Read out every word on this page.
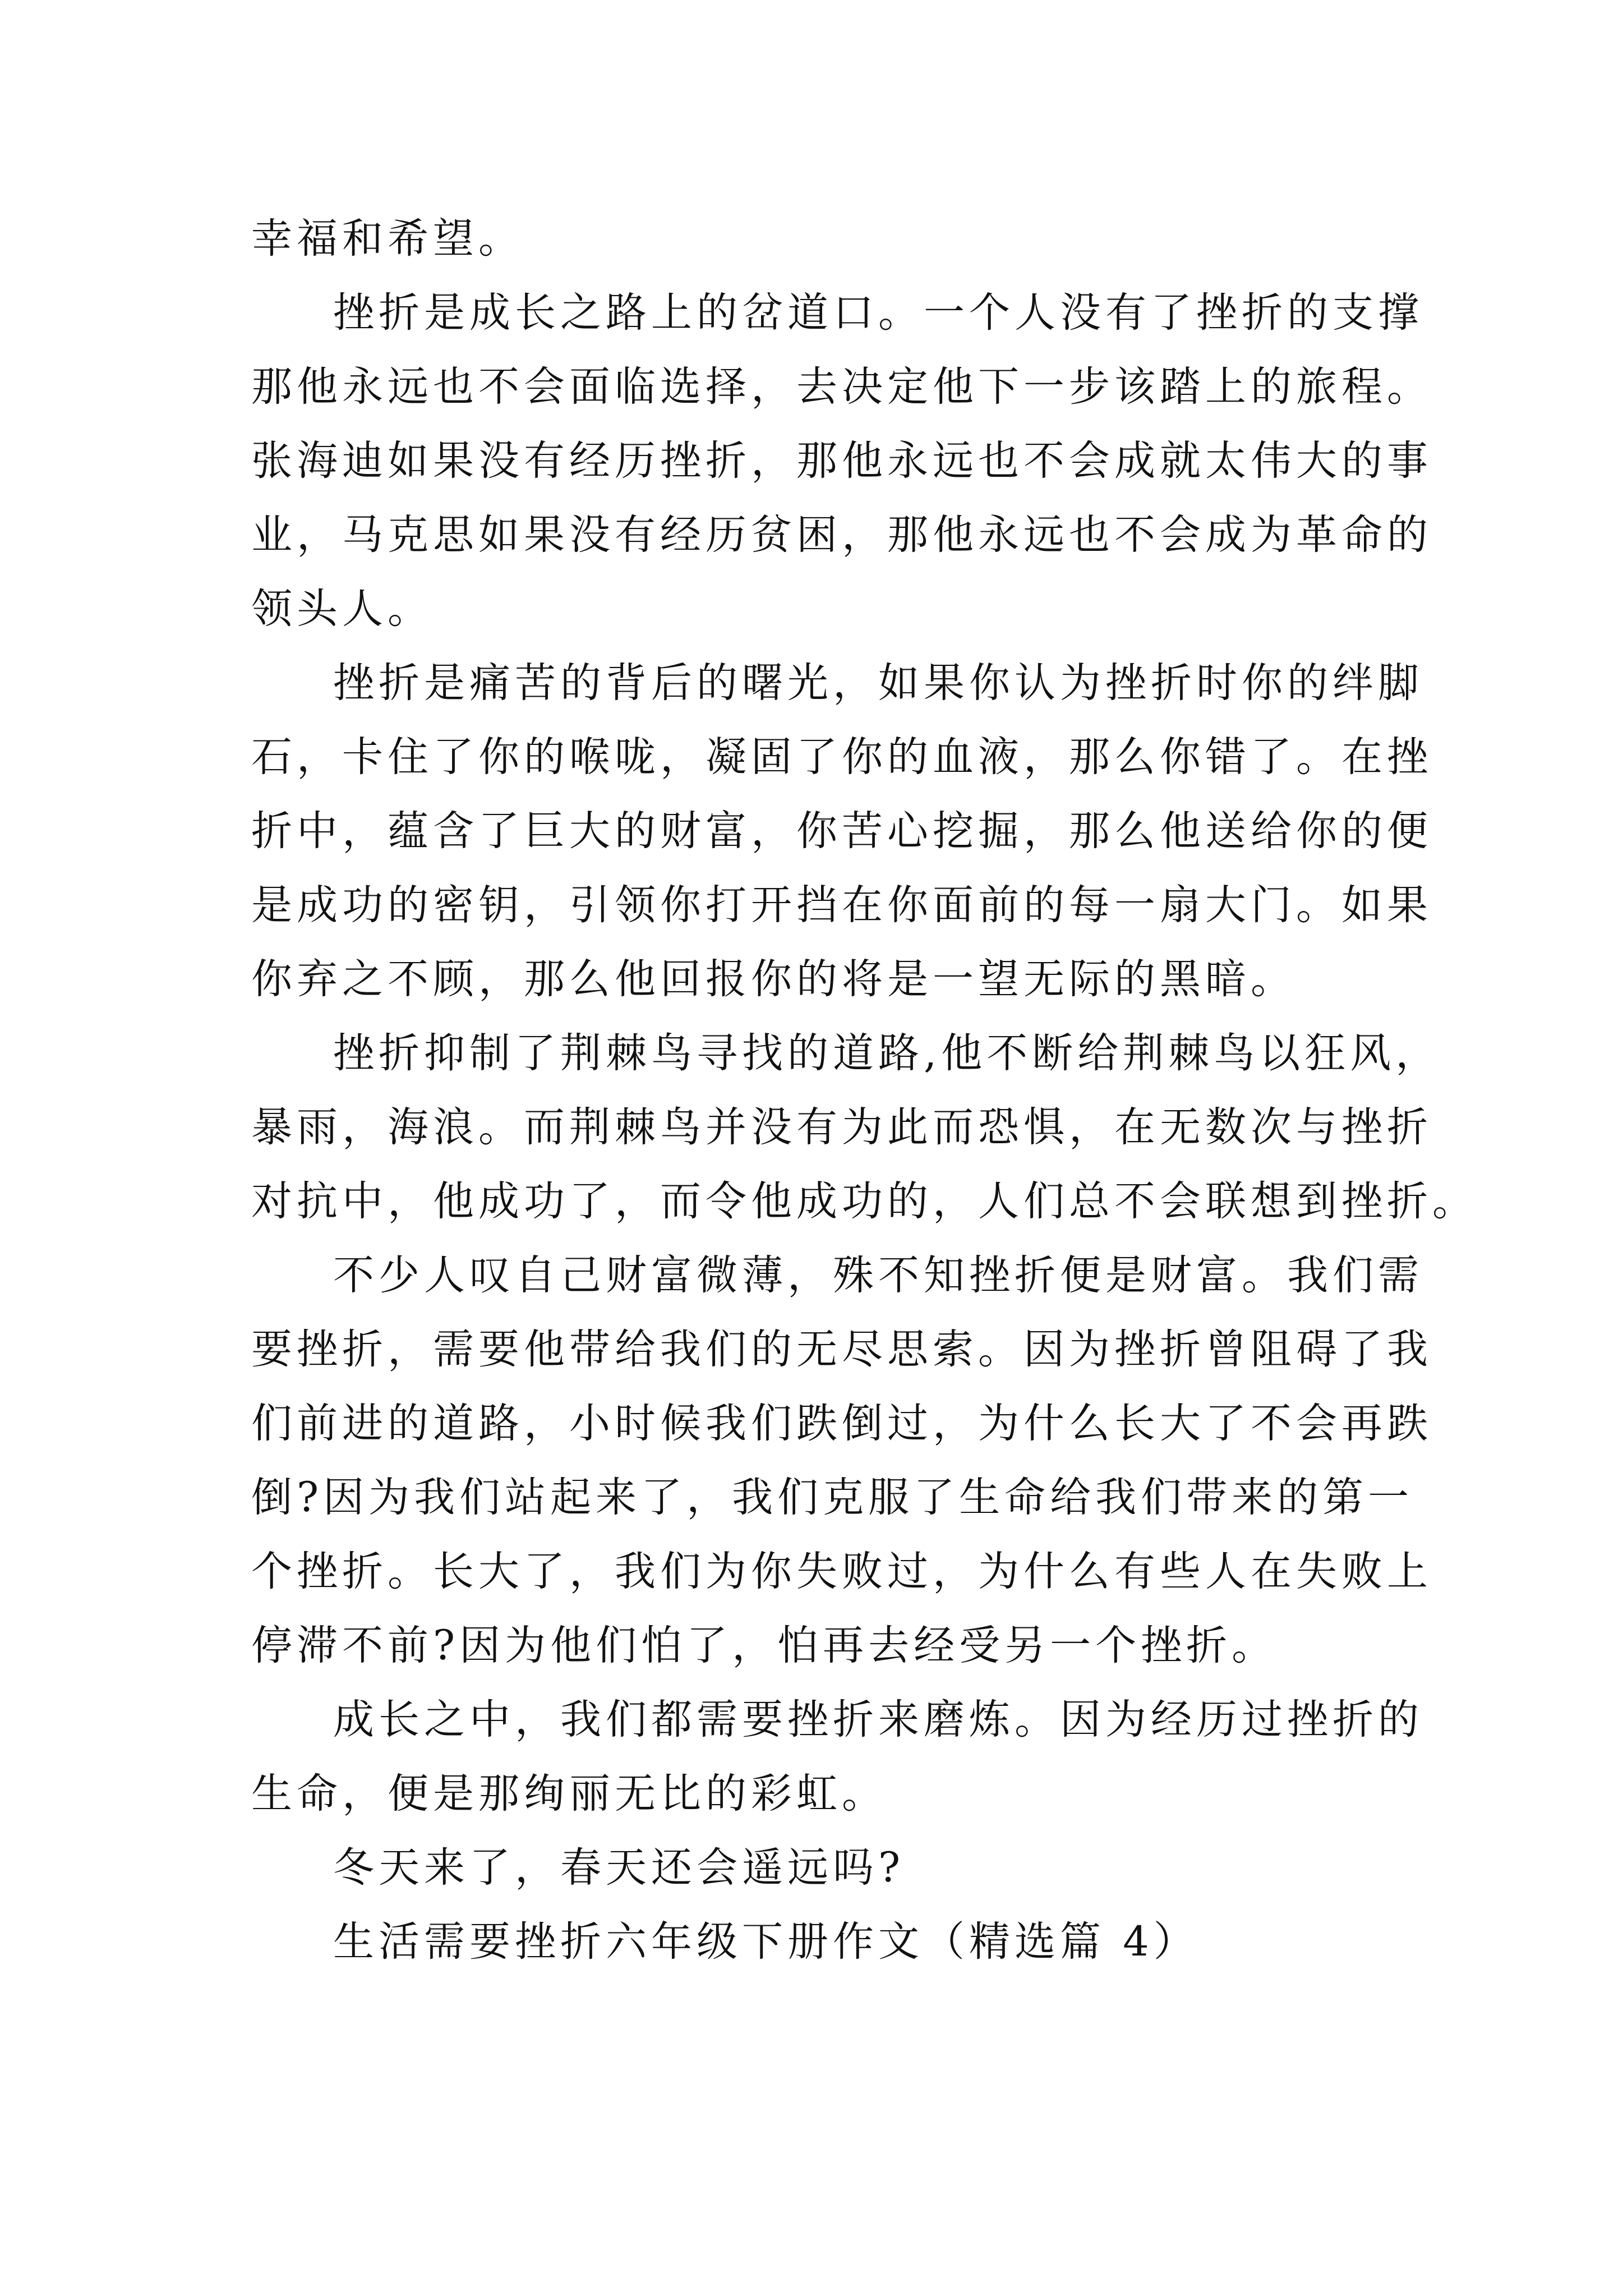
幸福和希望。
挫折是成长之路上的岔道口。一个人没有了挫折的支撑
那他永远也不会面临选择，去决定他下一步该踏上的旅程。
张海迪如果没有经历挫折，那他永远也不会成就太伟大的事
业，马克思如果没有经历贫困，那他永远也不会成为革命的
领头人。
挫折是痛苦的背后的曙光，如果你认为挫折时你的绊脚
石，卡住了你的喉咙，凝固了你的血液，那么你错了。在挫
折中，蕴含了巨大的财富，你苦心挖掘，那么他送给你的便
是成功的密钥，引领你打开挡在你面前的每一扇大门。如果
你弃之不顾，那么他回报你的将是一望无际的黑暗。
挫折抑制了荆棘鸟寻找的道路,他不断给荆棘鸟以狂风，
暴雨，海浪。而荆棘鸟并没有为此而恐惧，在无数次与挫折
对抗中，他成功了，而令他成功的，人们总不会联想到挫折。
不少人叹自己财富微薄，殊不知挫折便是财富。我们需
要挫折，需要他带给我们的无尽思索。因为挫折曾阻碍了我
们前进的道路，小时候我们跌倒过，为什么长大了不会再跌
倒?因为我们站起来了，我们克服了生命给我们带来的第一
个挫折。长大了，我们为你失败过，为什么有些人在失败上
停滞不前?因为他们怕了，怕再去经受另一个挫折。
成长之中，我们都需要挫折来磨炼。因为经历过挫折的
生命，便是那绚丽无比的彩虹。
冬天来了，春天还会遥远吗?
生活需要挫折六年级下册作文（精选篇 4）
